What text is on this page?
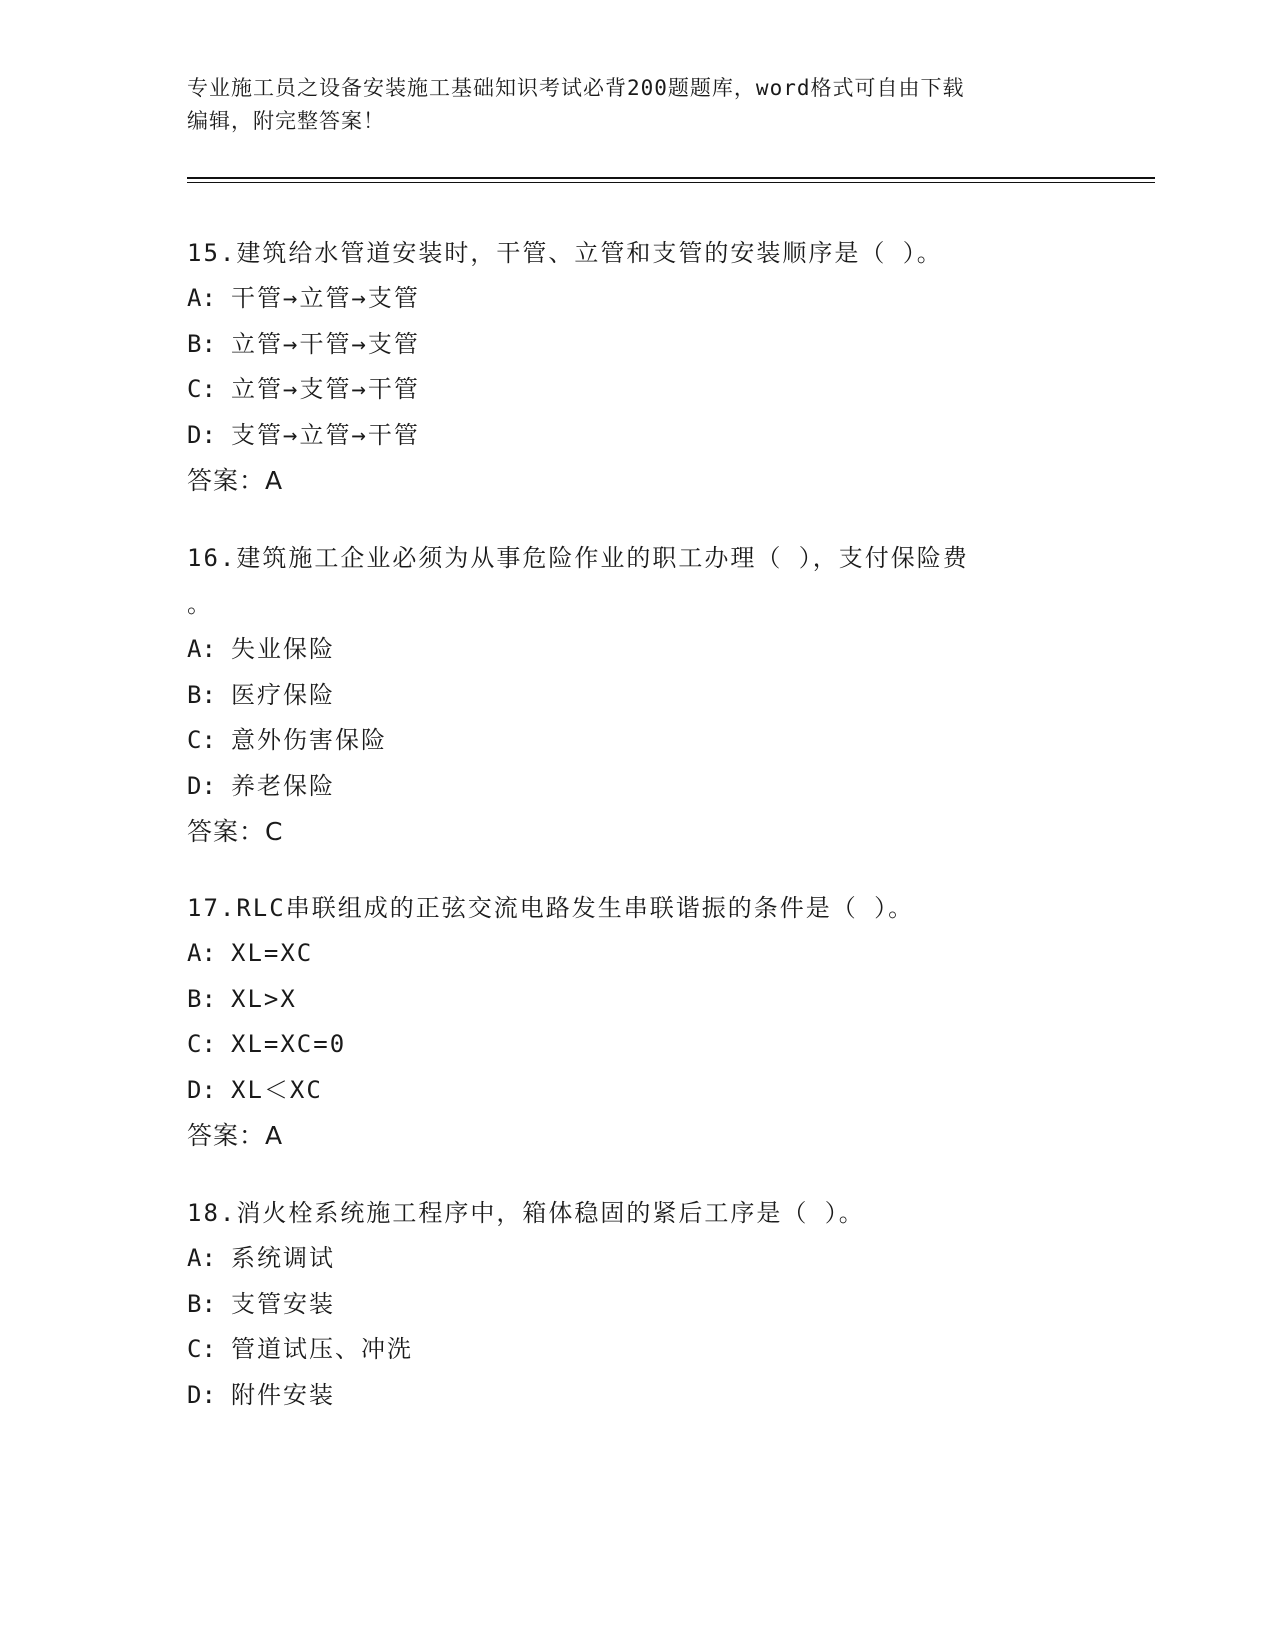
专业施工员之设备安装施工基础知识考试必背200题题库，word格式可自由下载
编辑，附完整答案！
15.建筑给水管道安装时，干管、立管和支管的安装顺序是（ ）。
A: 干管→立管→支管
B: 立管→干管→支管
C: 立管→支管→干管
D: 支管→立管→干管
答案：A
16.建筑施工企业必须为从事危险作业的职工办理（ ），支付保险费
。
A: 失业保险
B: 医疗保险
C: 意外伤害保险
D: 养老保险
答案：C
17.RLC串联组成的正弦交流电路发生串联谐振的条件是（ ）。
A: XL=XC
B: XL>X
C: XL=XC=0
D: XL＜XC
答案：A
18.消火栓系统施工程序中，箱体稳固的紧后工序是（ ）。
A: 系统调试
B: 支管安装
C: 管道试压、冲洗
D: 附件安装
